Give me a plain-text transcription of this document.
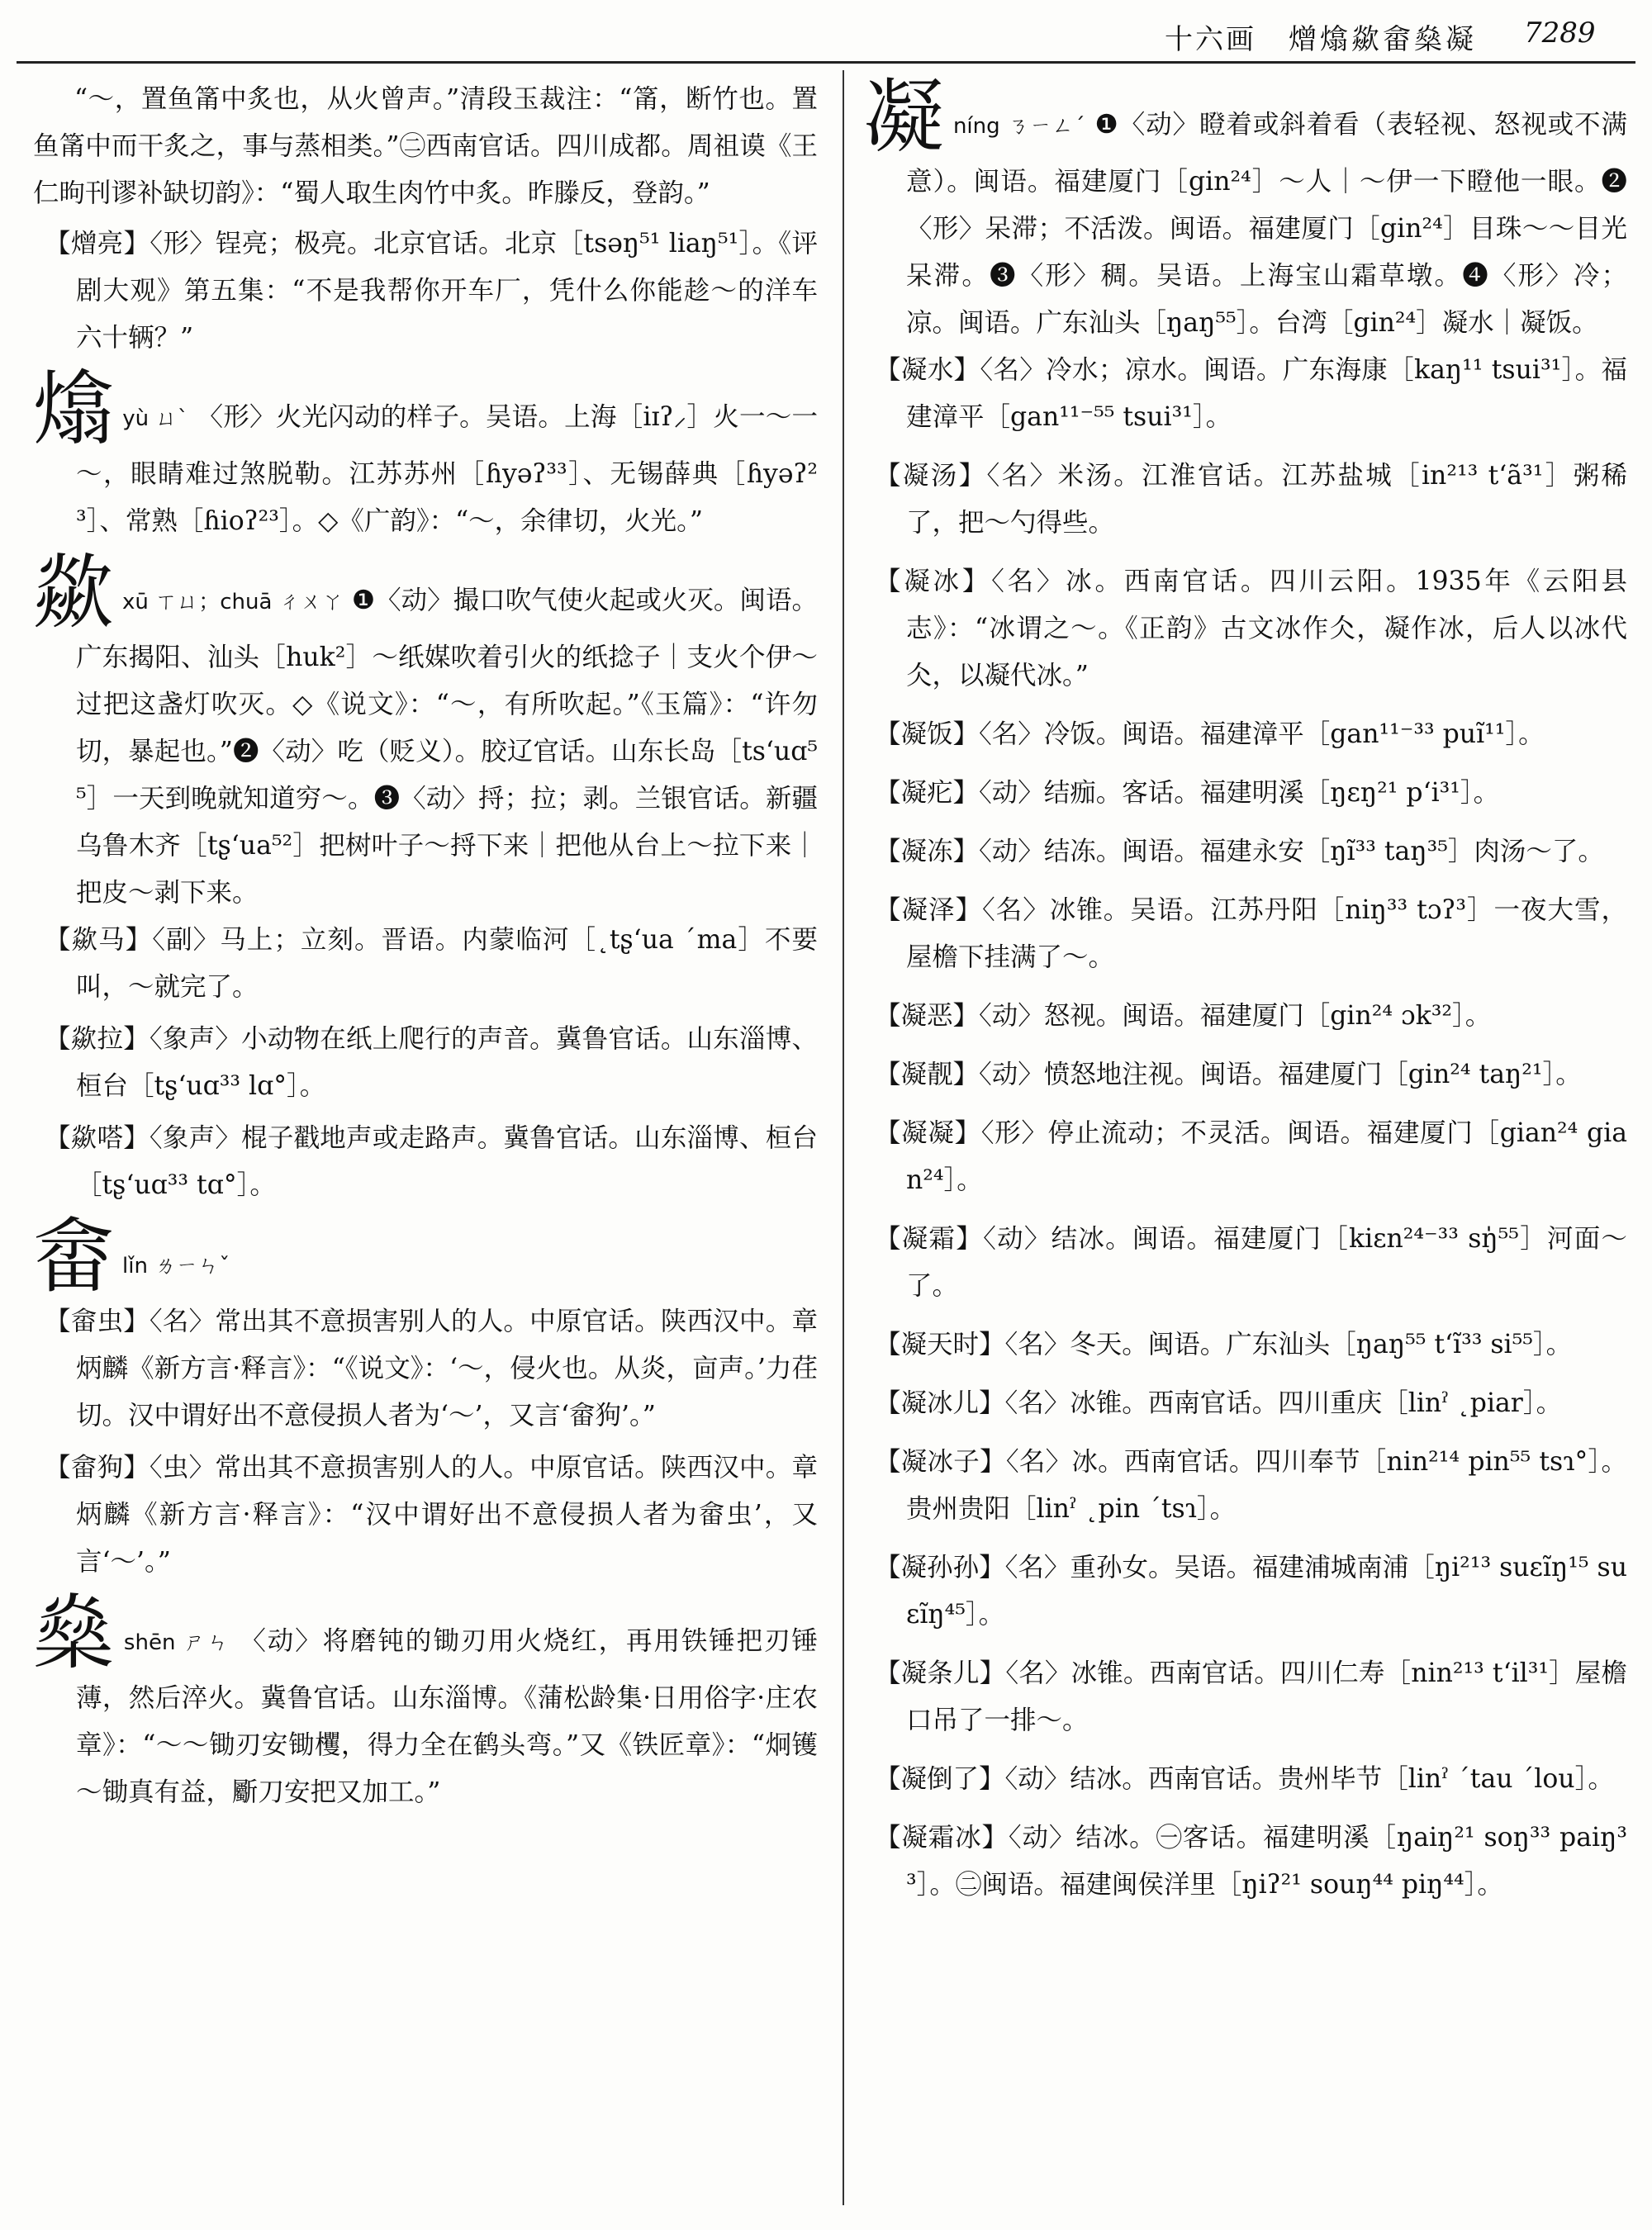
十六画 熷熻歘畲燊凝 7289

“～，置鱼筩中炙也，从火曾声。”清段玉裁注：“筩，断竹也。置鱼筩中而干炙之，事与蒸相类。”㊁西南官话。四川成都。周祖谟《王仁昫刊谬补缺切韵》：“蜀人取生肉竹中炙。昨滕反，登韵。”

【熷亮】〈形〉锃亮；极亮。北京官话。北京［tsəŋ⁵¹ liaŋ⁵¹］。《评剧大观》第五集：“不是我帮你开车厂，凭什么你能趁～的洋车六十辆？”

熻yù ㄩˋ 〈形〉火光闪动的样子。吴语。上海［iɪʔ⸝］火一～一～，眼睛难过煞脱勒。江苏苏州［ɦyəʔ³³］、无锡薛典［ɦyəʔ²³］、常熟［ɦioʔ²³］。◇《广韵》：“～，余律切，火光。”

歘xū ㄒㄩ；chuā ㄔㄨㄚ ❶〈动〉撮口吹气使火起或火灭。闽语。广东揭阳、汕头［huk²］～纸媒吹着引火的纸捻子｜支火个伊～过把这盏灯吹灭。◇《说文》：“～，有所吹起。”《玉篇》：“许勿切，暴起也。”❷〈动〉吃（贬义）。胶辽官话。山东长岛［tsʻuɑ⁵⁵］一天到晚就知道穷～。❸〈动〉捋；拉；剥。兰银官话。新疆乌鲁木齐［tʂʻua⁵²］把树叶子～捋下来｜把他从台上～拉下来｜把皮～剥下来。

【歘马】〈副〉马上；立刻。晋语。内蒙临河［˛tʂʻua ˊma］不要叫，～就完了。

【歘拉】〈象声〉小动物在纸上爬行的声音。冀鲁官话。山东淄博、桓台［tʂʻuɑ³³ lɑ°］。

【歘嗒】〈象声〉棍子戳地声或走路声。冀鲁官话。山东淄博、桓台［tʂʻuɑ³³ tɑ°］。

畲lǐn ㄌㄧㄣˇ

【畲虫】〈名〉常出其不意损害别人的人。中原官话。陕西汉中。章炳麟《新方言·释言》：“《说文》：‘～，侵火也。从炎，㐭声。’力荏切。汉中谓好出不意侵损人者为‘～’，又言‘畲狗’。”

【畲狗】〈虫〉常出其不意损害别人的人。中原官话。陕西汉中。章炳麟《新方言·释言》：“汉中谓好出不意侵损人者为畲虫’，又言‘～’。”

燊shēn ㄕㄣ 〈动〉将磨钝的锄刃用火烧红，再用铁锤把刃锤薄，然后淬火。冀鲁官话。山东淄博。《蒲松龄集·日用俗字·庄农章》：“～～锄刃安锄欔，得力全在鹤头弯。”又《铁匠章》：“炯镬～锄真有益，斸刀安把又加工。”

凝níng ㄋㄧㄥˊ ❶〈动〉瞪着或斜着看（表轻视、怒视或不满意）。闽语。福建厦门［gin²⁴］～人｜～伊一下瞪他一眼。❷〈形〉呆滞；不活泼。闽语。福建厦门［gin²⁴］目珠～～目光呆滞。❸〈形〉稠。吴语。上海宝山霜草墩。❹〈形〉冷；凉。闽语。广东汕头［ŋaŋ⁵⁵］。台湾［gin²⁴］凝水｜凝饭。

【凝水】〈名〉冷水；凉水。闽语。广东海康［kaŋ¹¹ tsui³¹］。福建漳平［gan¹¹⁻⁵⁵ tsui³¹］。

【凝汤】〈名〉米汤。江淮官话。江苏盐城［in²¹³ tʻã³¹］粥稀了，把～勺得些。

【凝冰】〈名〉冰。西南官话。四川云阳。1935年《云阳县志》：“冰谓之～。《正韵》古文冰作仌，凝作冰，后人以冰代仌，以凝代冰。”

【凝饭】〈名〉冷饭。闽语。福建漳平［gan¹¹⁻³³ puĩ¹¹］。

【凝疕】〈动〉结痂。客话。福建明溪［ŋɛŋ²¹ pʻi³¹］。

【凝冻】〈动〉结冻。闽语。福建永安［ŋĩ³³ taŋ³⁵］肉汤～了。

【凝泽】〈名〉冰锥。吴语。江苏丹阳［niŋ³³ tɔʔ³］一夜大雪，屋檐下挂满了～。

【凝恶】〈动〉怒视。闽语。福建厦门［gin²⁴ ɔk³²］。

【凝靓】〈动〉愤怒地注视。闽语。福建厦门［gin²⁴ taŋ²¹］。

【凝凝】〈形〉停止流动；不灵活。闽语。福建厦门［gian²⁴ gian²⁴］。

【凝霜】〈动〉结冰。闽语。福建厦门［kiɛn²⁴⁻³³ sŋ̍⁵⁵］河面～了。

【凝天时】〈名〉冬天。闽语。广东汕头［ŋaŋ⁵⁵ tʻĩ³³ si⁵⁵］。

【凝冰儿】〈名〉冰锥。西南官话。四川重庆［linˀ ˛piar］。

【凝冰子】〈名〉冰。西南官话。四川奉节［nin²¹⁴ pin⁵⁵ tsɿ°］。贵州贵阳［linˀ ˛pin ˊtsɿ］。

【凝孙孙】〈名〉重孙女。吴语。福建浦城南浦［ŋi²¹³ suɛĩŋ¹⁵ suɛĩŋ⁴⁵］。

【凝条儿】〈名〉冰锥。西南官话。四川仁寿［nin²¹³ tʻil³¹］屋檐口吊了一排～。

【凝倒了】〈动〉结冰。西南官话。贵州毕节［linˀ ˊtau ˊlou］。

【凝霜冰】〈动〉结冰。㊀客话。福建明溪［ŋaiŋ²¹ soŋ³³ paiŋ³³］。㊁闽语。福建闽侯洋里［ŋiʔ²¹ souŋ⁴⁴ piŋ⁴⁴］。
